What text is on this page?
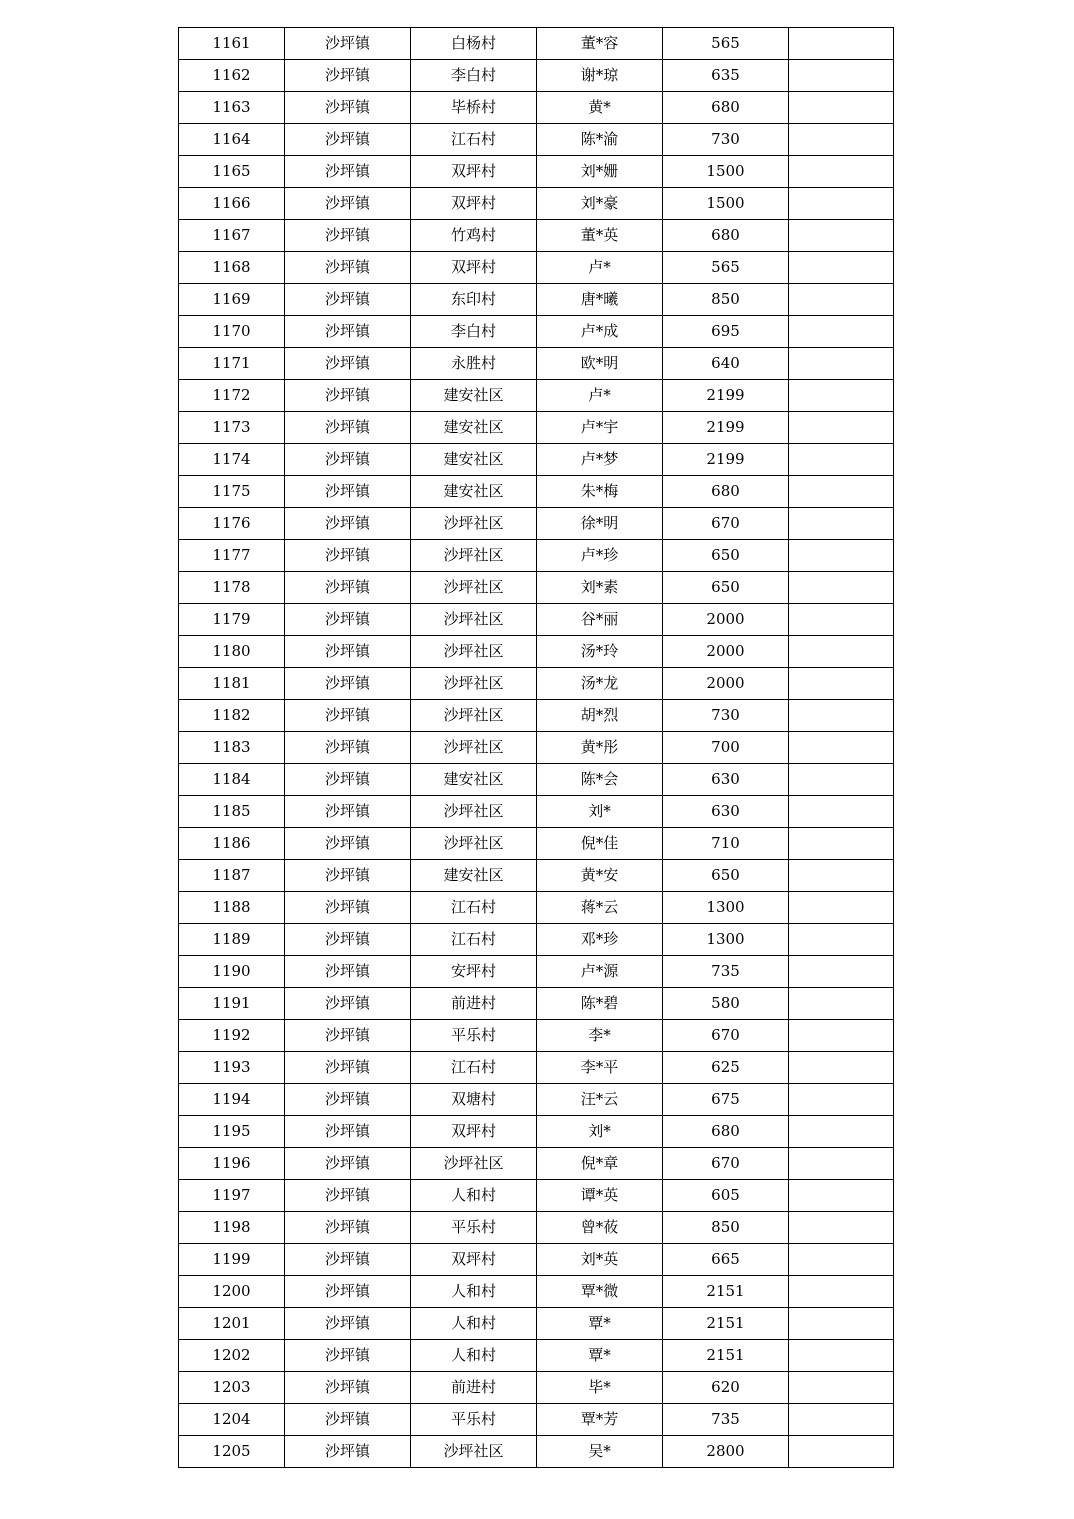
1161	沙坪镇	白杨村	董*容	565	
1162	沙坪镇	李白村	谢*琼	635	
1163	沙坪镇	毕桥村	黄*	680	
1164	沙坪镇	江石村	陈*渝	730	
1165	沙坪镇	双坪村	刘*姗	1500	
1166	沙坪镇	双坪村	刘*豪	1500	
1167	沙坪镇	竹鸡村	董*英	680	
1168	沙坪镇	双坪村	卢*	565	
1169	沙坪镇	东印村	唐*曦	850	
1170	沙坪镇	李白村	卢*成	695	
1171	沙坪镇	永胜村	欧*明	640	
1172	沙坪镇	建安社区	卢*	2199	
1173	沙坪镇	建安社区	卢*宇	2199	
1174	沙坪镇	建安社区	卢*梦	2199	
1175	沙坪镇	建安社区	朱*梅	680	
1176	沙坪镇	沙坪社区	徐*明	670	
1177	沙坪镇	沙坪社区	卢*珍	650	
1178	沙坪镇	沙坪社区	刘*素	650	
1179	沙坪镇	沙坪社区	谷*丽	2000	
1180	沙坪镇	沙坪社区	汤*玲	2000	
1181	沙坪镇	沙坪社区	汤*龙	2000	
1182	沙坪镇	沙坪社区	胡*烈	730	
1183	沙坪镇	沙坪社区	黄*彤	700	
1184	沙坪镇	建安社区	陈*会	630	
1185	沙坪镇	沙坪社区	刘*	630	
1186	沙坪镇	沙坪社区	倪*佳	710	
1187	沙坪镇	建安社区	黄*安	650	
1188	沙坪镇	江石村	蒋*云	1300	
1189	沙坪镇	江石村	邓*珍	1300	
1190	沙坪镇	安坪村	卢*源	735	
1191	沙坪镇	前进村	陈*碧	580	
1192	沙坪镇	平乐村	李*	670	
1193	沙坪镇	江石村	李*平	625	
1194	沙坪镇	双塘村	汪*云	675	
1195	沙坪镇	双坪村	刘*	680	
1196	沙坪镇	沙坪社区	倪*章	670	
1197	沙坪镇	人和村	谭*英	605	
1198	沙坪镇	平乐村	曾*莜	850	
1199	沙坪镇	双坪村	刘*英	665	
1200	沙坪镇	人和村	覃*微	2151	
1201	沙坪镇	人和村	覃*	2151	
1202	沙坪镇	人和村	覃*	2151	
1203	沙坪镇	前进村	毕*	620	
1204	沙坪镇	平乐村	覃*芳	735	
1205	沙坪镇	沙坪社区	吴*	2800	
